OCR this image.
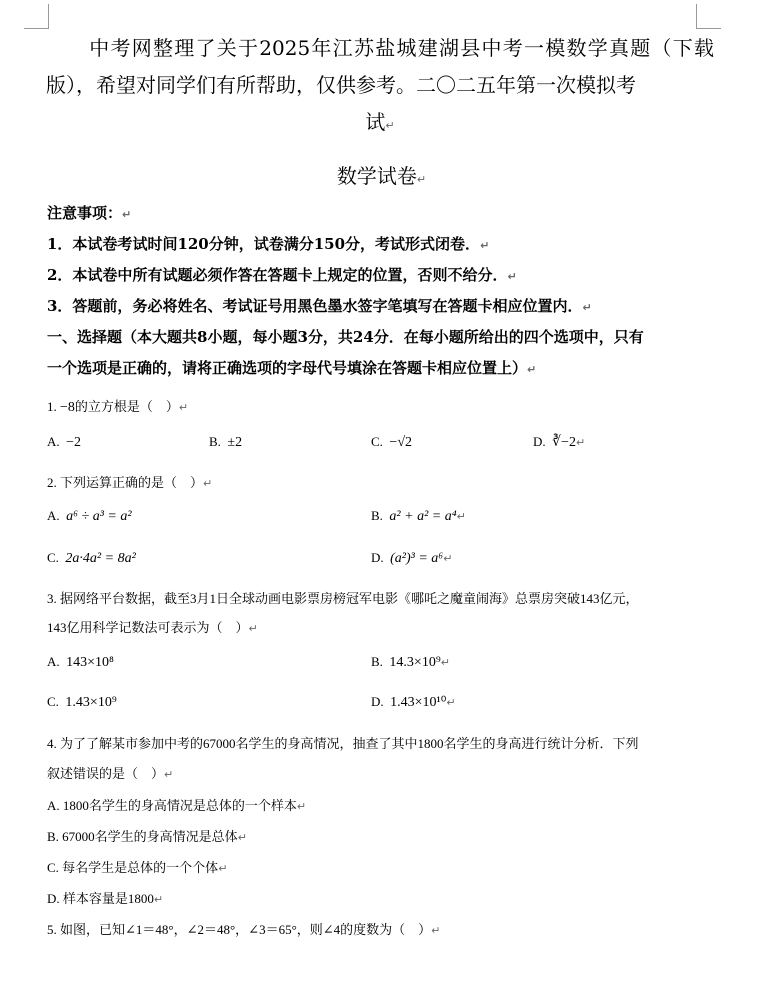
中考网整理了关于2025年江苏盐城建湖县中考一模数学真题（下载版），希望对同学们有所帮助，仅供参考。二〇二五年第一次模拟考
试↵
数学试卷↵
注意事项：↵
1．本试卷考试时间120分钟，试卷满分150分，考试形式闭卷．↵
2．本试卷中所有试题必须作答在答题卡上规定的位置，否则不给分．↵
3．答题前，务必将姓名、考试证号用黑色墨水签字笔填写在答题卡相应位置内．↵
一、选择题（本大题共8小题，每小题3分，共24分．在每小题所给出的四个选项中，只有
一个选项是正确的，请将正确选项的字母代号填涂在答题卡相应位置上）↵
1. −8的立方根是（　）↵
A. −2	B. ±2	C. −√2	D. ∛−2↵
2. 下列运算正确的是（　）↵
A. a⁶ ÷ a³ = a²	B. a² + a² = a⁴↵
C. 2a·4a² = 8a²	D. (a²)³ = a⁶↵
3. 据网络平台数据，截至3月1日全球动画电影票房榜冠军电影《哪吒之魔童闹海》总票房突破143亿元，
143亿用科学记数法可表示为（　）↵
A. 143×10⁸	B. 14.3×10⁹↵
C. 1.43×10⁹	D. 1.43×10¹⁰↵
4. 为了了解某市参加中考的67000名学生的身高情况，抽查了其中1800名学生的身高进行统计分析．下列
叙述错误的是（　）↵
A. 1800名学生的身高情况是总体的一个样本↵
B. 67000名学生的身高情况是总体↵
C. 每名学生是总体的一个个体↵
D. 样本容量是1800↵
5. 如图，已知∠1＝48°，∠2＝48°，∠3＝65°，则∠4的度数为（　）↵
